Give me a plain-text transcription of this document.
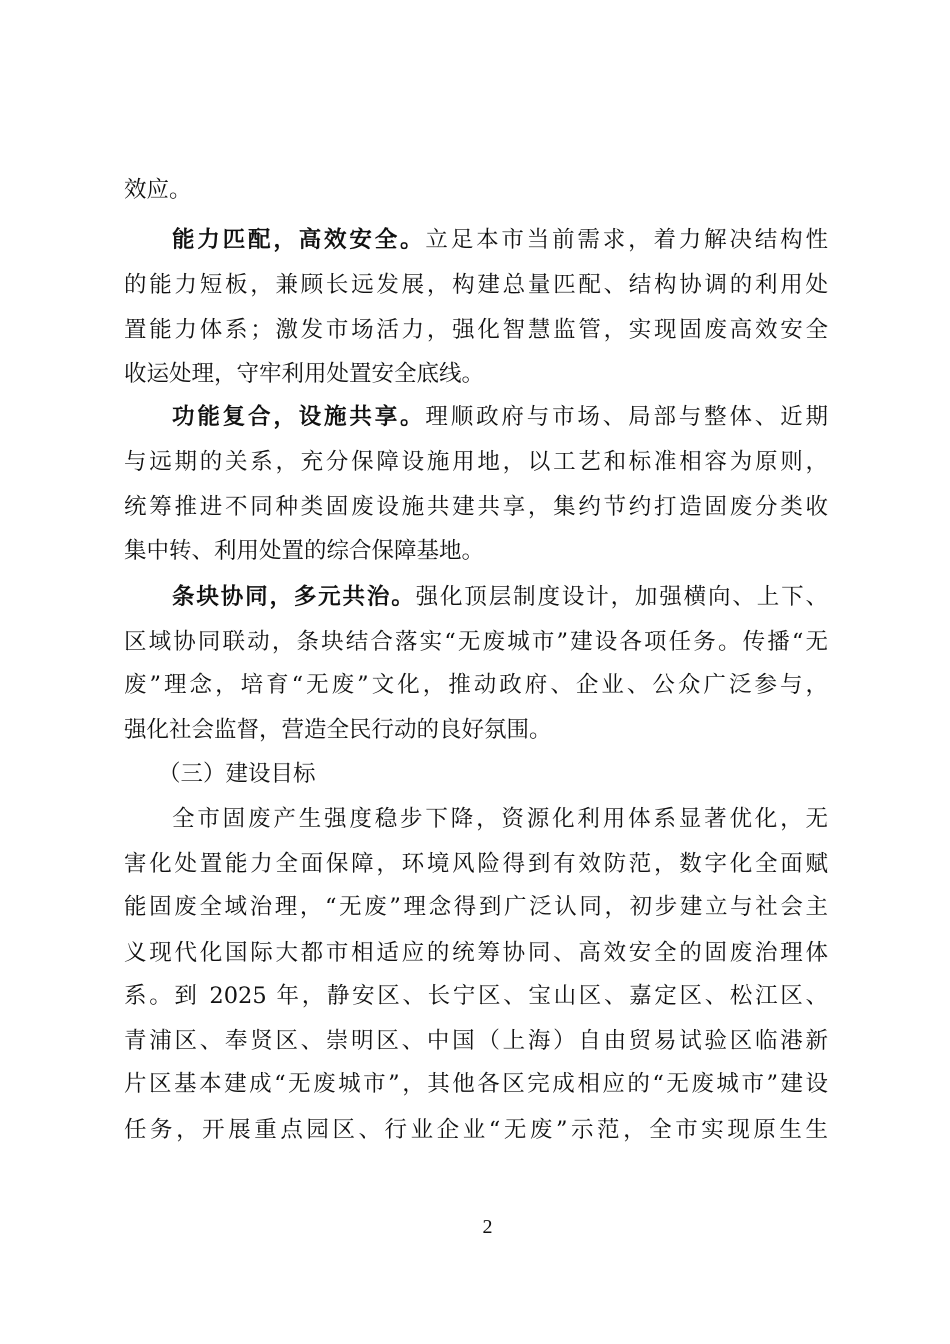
效应。
能力匹配，高效安全。立足本市当前需求，着力解决结构性
的能力短板，兼顾长远发展，构建总量匹配、结构协调的利用处
置能力体系；激发市场活力，强化智慧监管，实现固废高效安全
收运处理，守牢利用处置安全底线。
功能复合，设施共享。理顺政府与市场、局部与整体、近期
与远期的关系，充分保障设施用地，以工艺和标准相容为原则，
统筹推进不同种类固废设施共建共享，集约节约打造固废分类收
集中转、利用处置的综合保障基地。
条块协同，多元共治。强化顶层制度设计，加强横向、上下、
区域协同联动，条块结合落实“无废城市”建设各项任务。传播“无
废”理念，培育“无废”文化，推动政府、企业、公众广泛参与，
强化社会监督，营造全民行动的良好氛围。
（三）建设目标
全市固废产生强度稳步下降，资源化利用体系显著优化，无
害化处置能力全面保障，环境风险得到有效防范，数字化全面赋
能固废全域治理，“无废”理念得到广泛认同，初步建立与社会主
义现代化国际大都市相适应的统筹协同、高效安全的固废治理体
系。到 2025 年，静安区、长宁区、宝山区、嘉定区、松江区、
青浦区、奉贤区、崇明区、中国（上海）自由贸易试验区临港新
片区基本建成“无废城市”，其他各区完成相应的“无废城市”建设
任务，开展重点园区、行业企业“无废”示范，全市实现原生生
2
